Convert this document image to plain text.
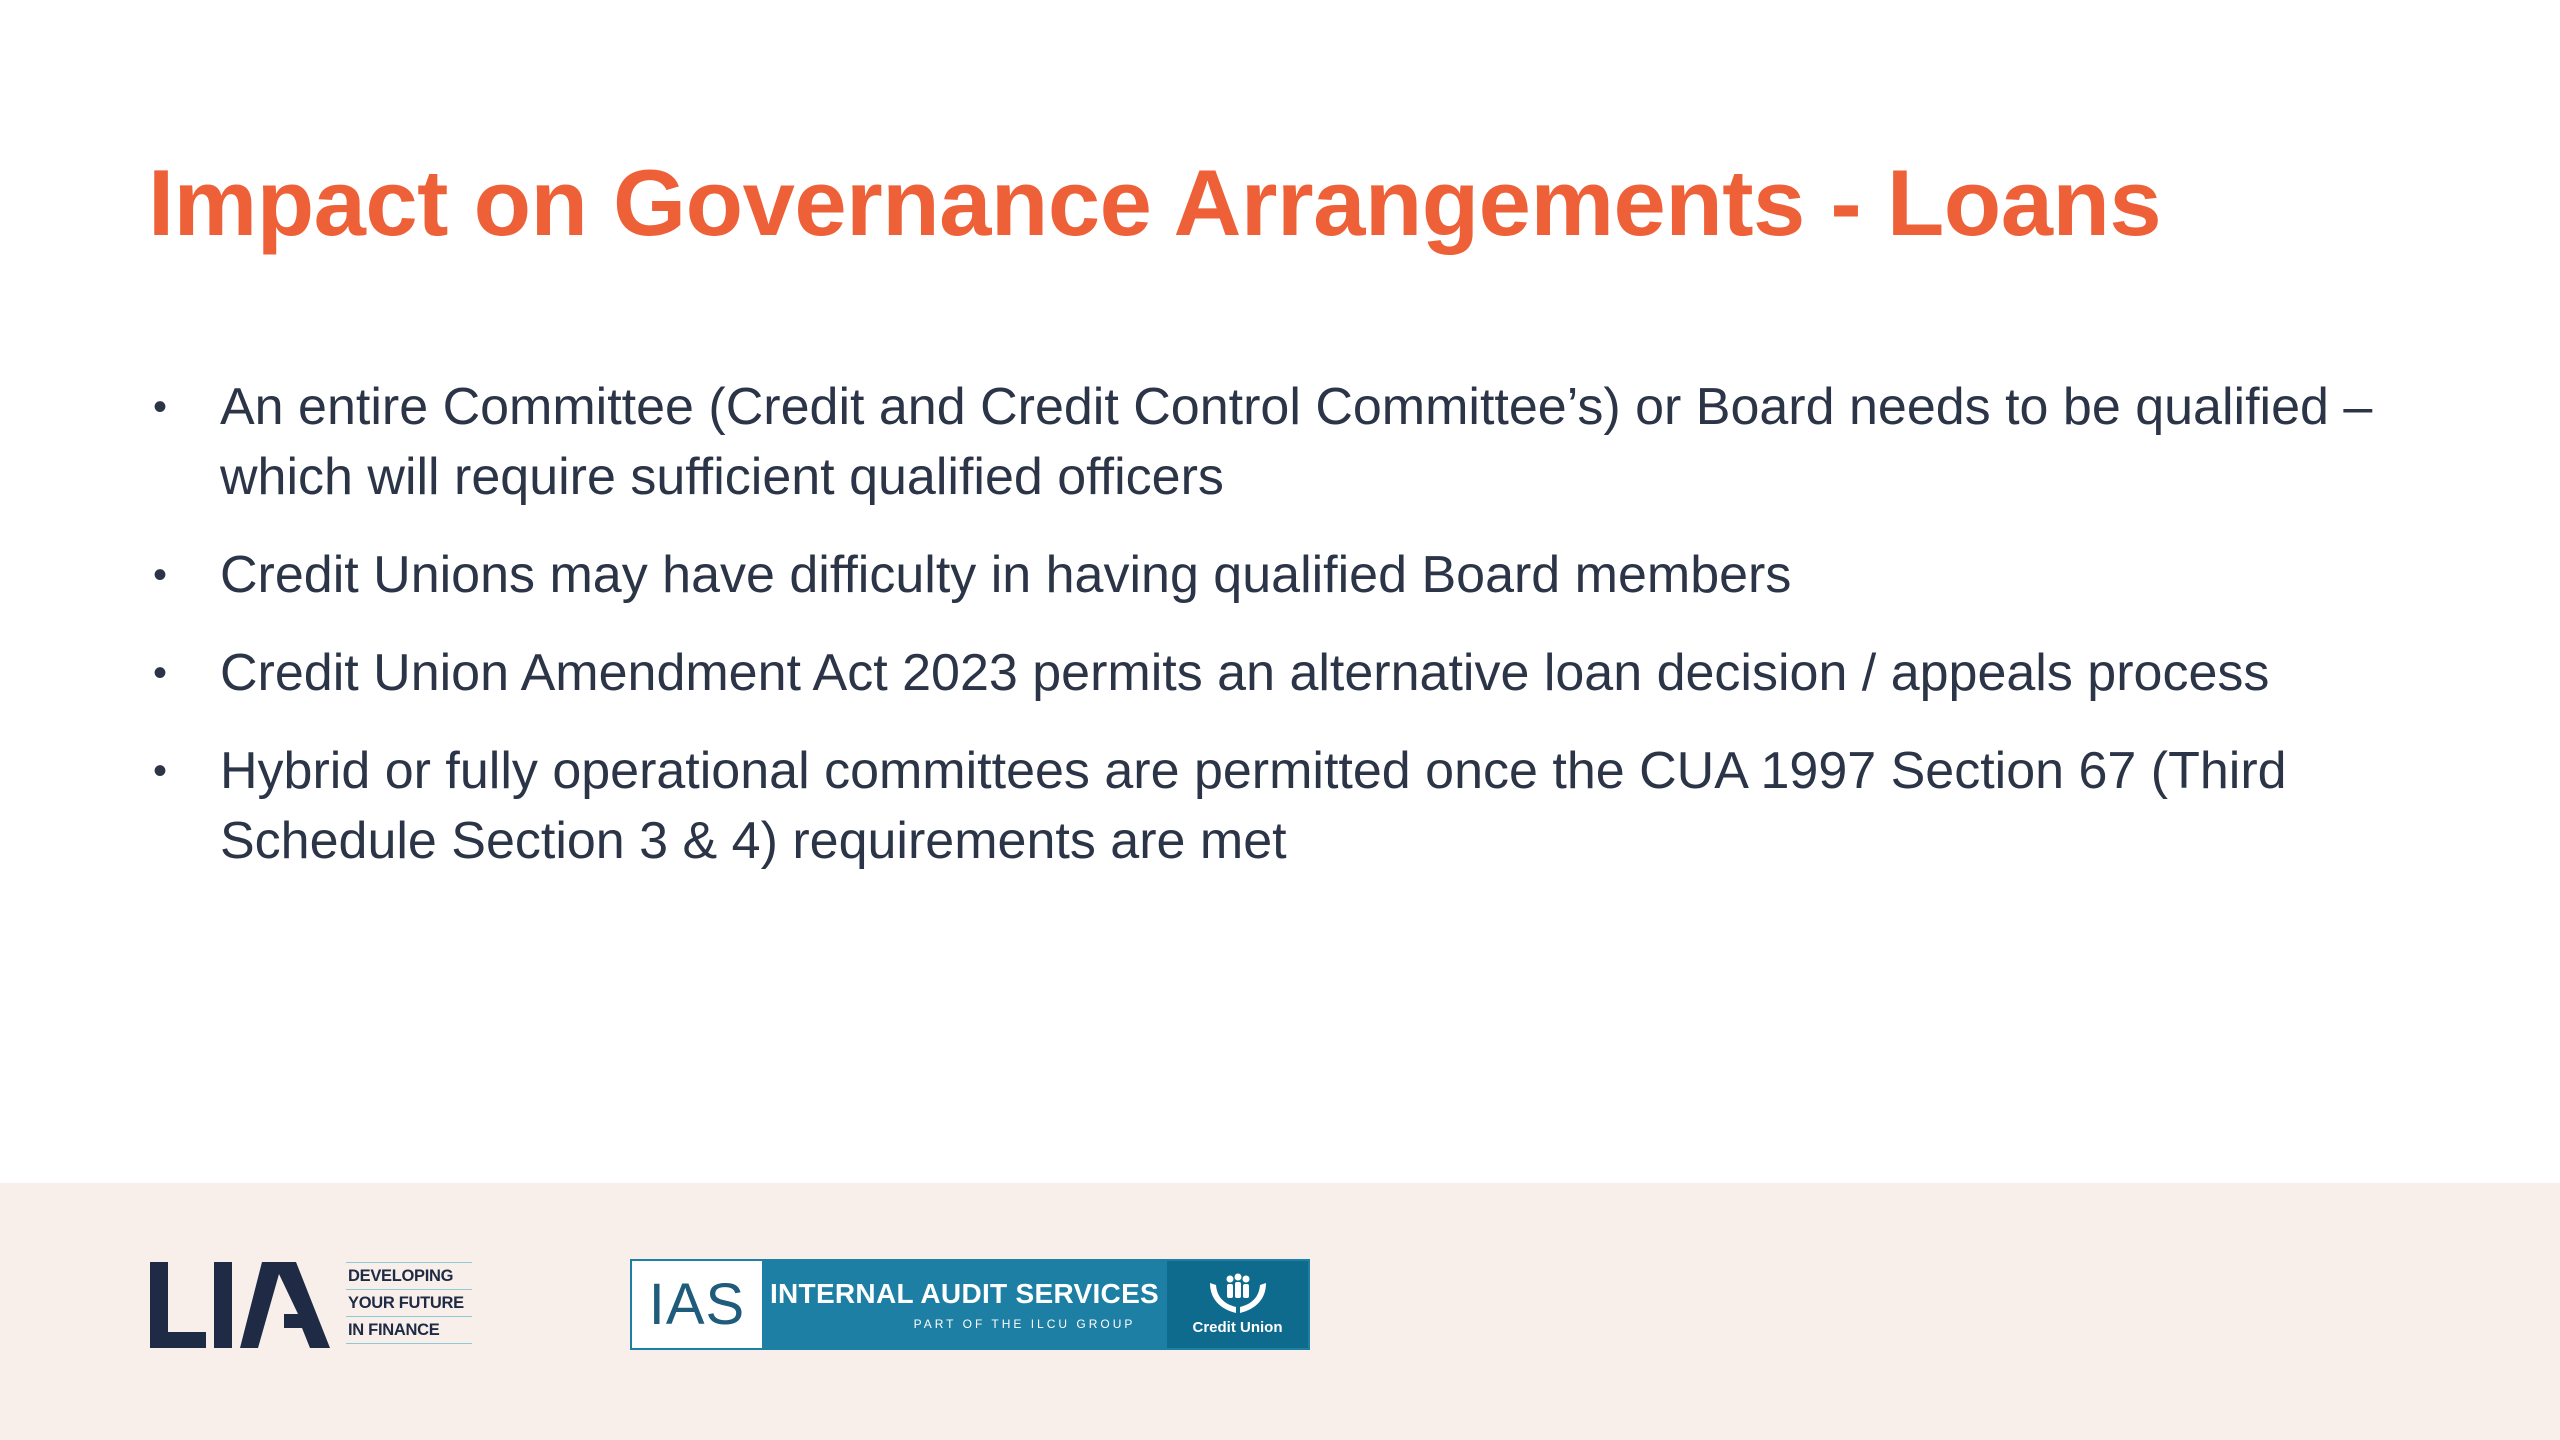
Impact on Governance Arrangements - Loans
• An entire Committee (Credit and Credit Control Committee’s) or Board needs to be qualified – which will require sufficient qualified officers
• Credit Unions may have difficulty in having qualified Board members
• Credit Union Amendment Act 2023 permits an alternative loan decision / appeals process
• Hybrid or fully operational committees are permitted once the CUA 1997 Section 67 (Third Schedule Section 3 & 4) requirements are met
DEVELOPING
YOUR FUTURE
IN FINANCE	IAS INTERNAL AUDIT SERVICES
PART OF THE ILCU GROUP	Credit Union
